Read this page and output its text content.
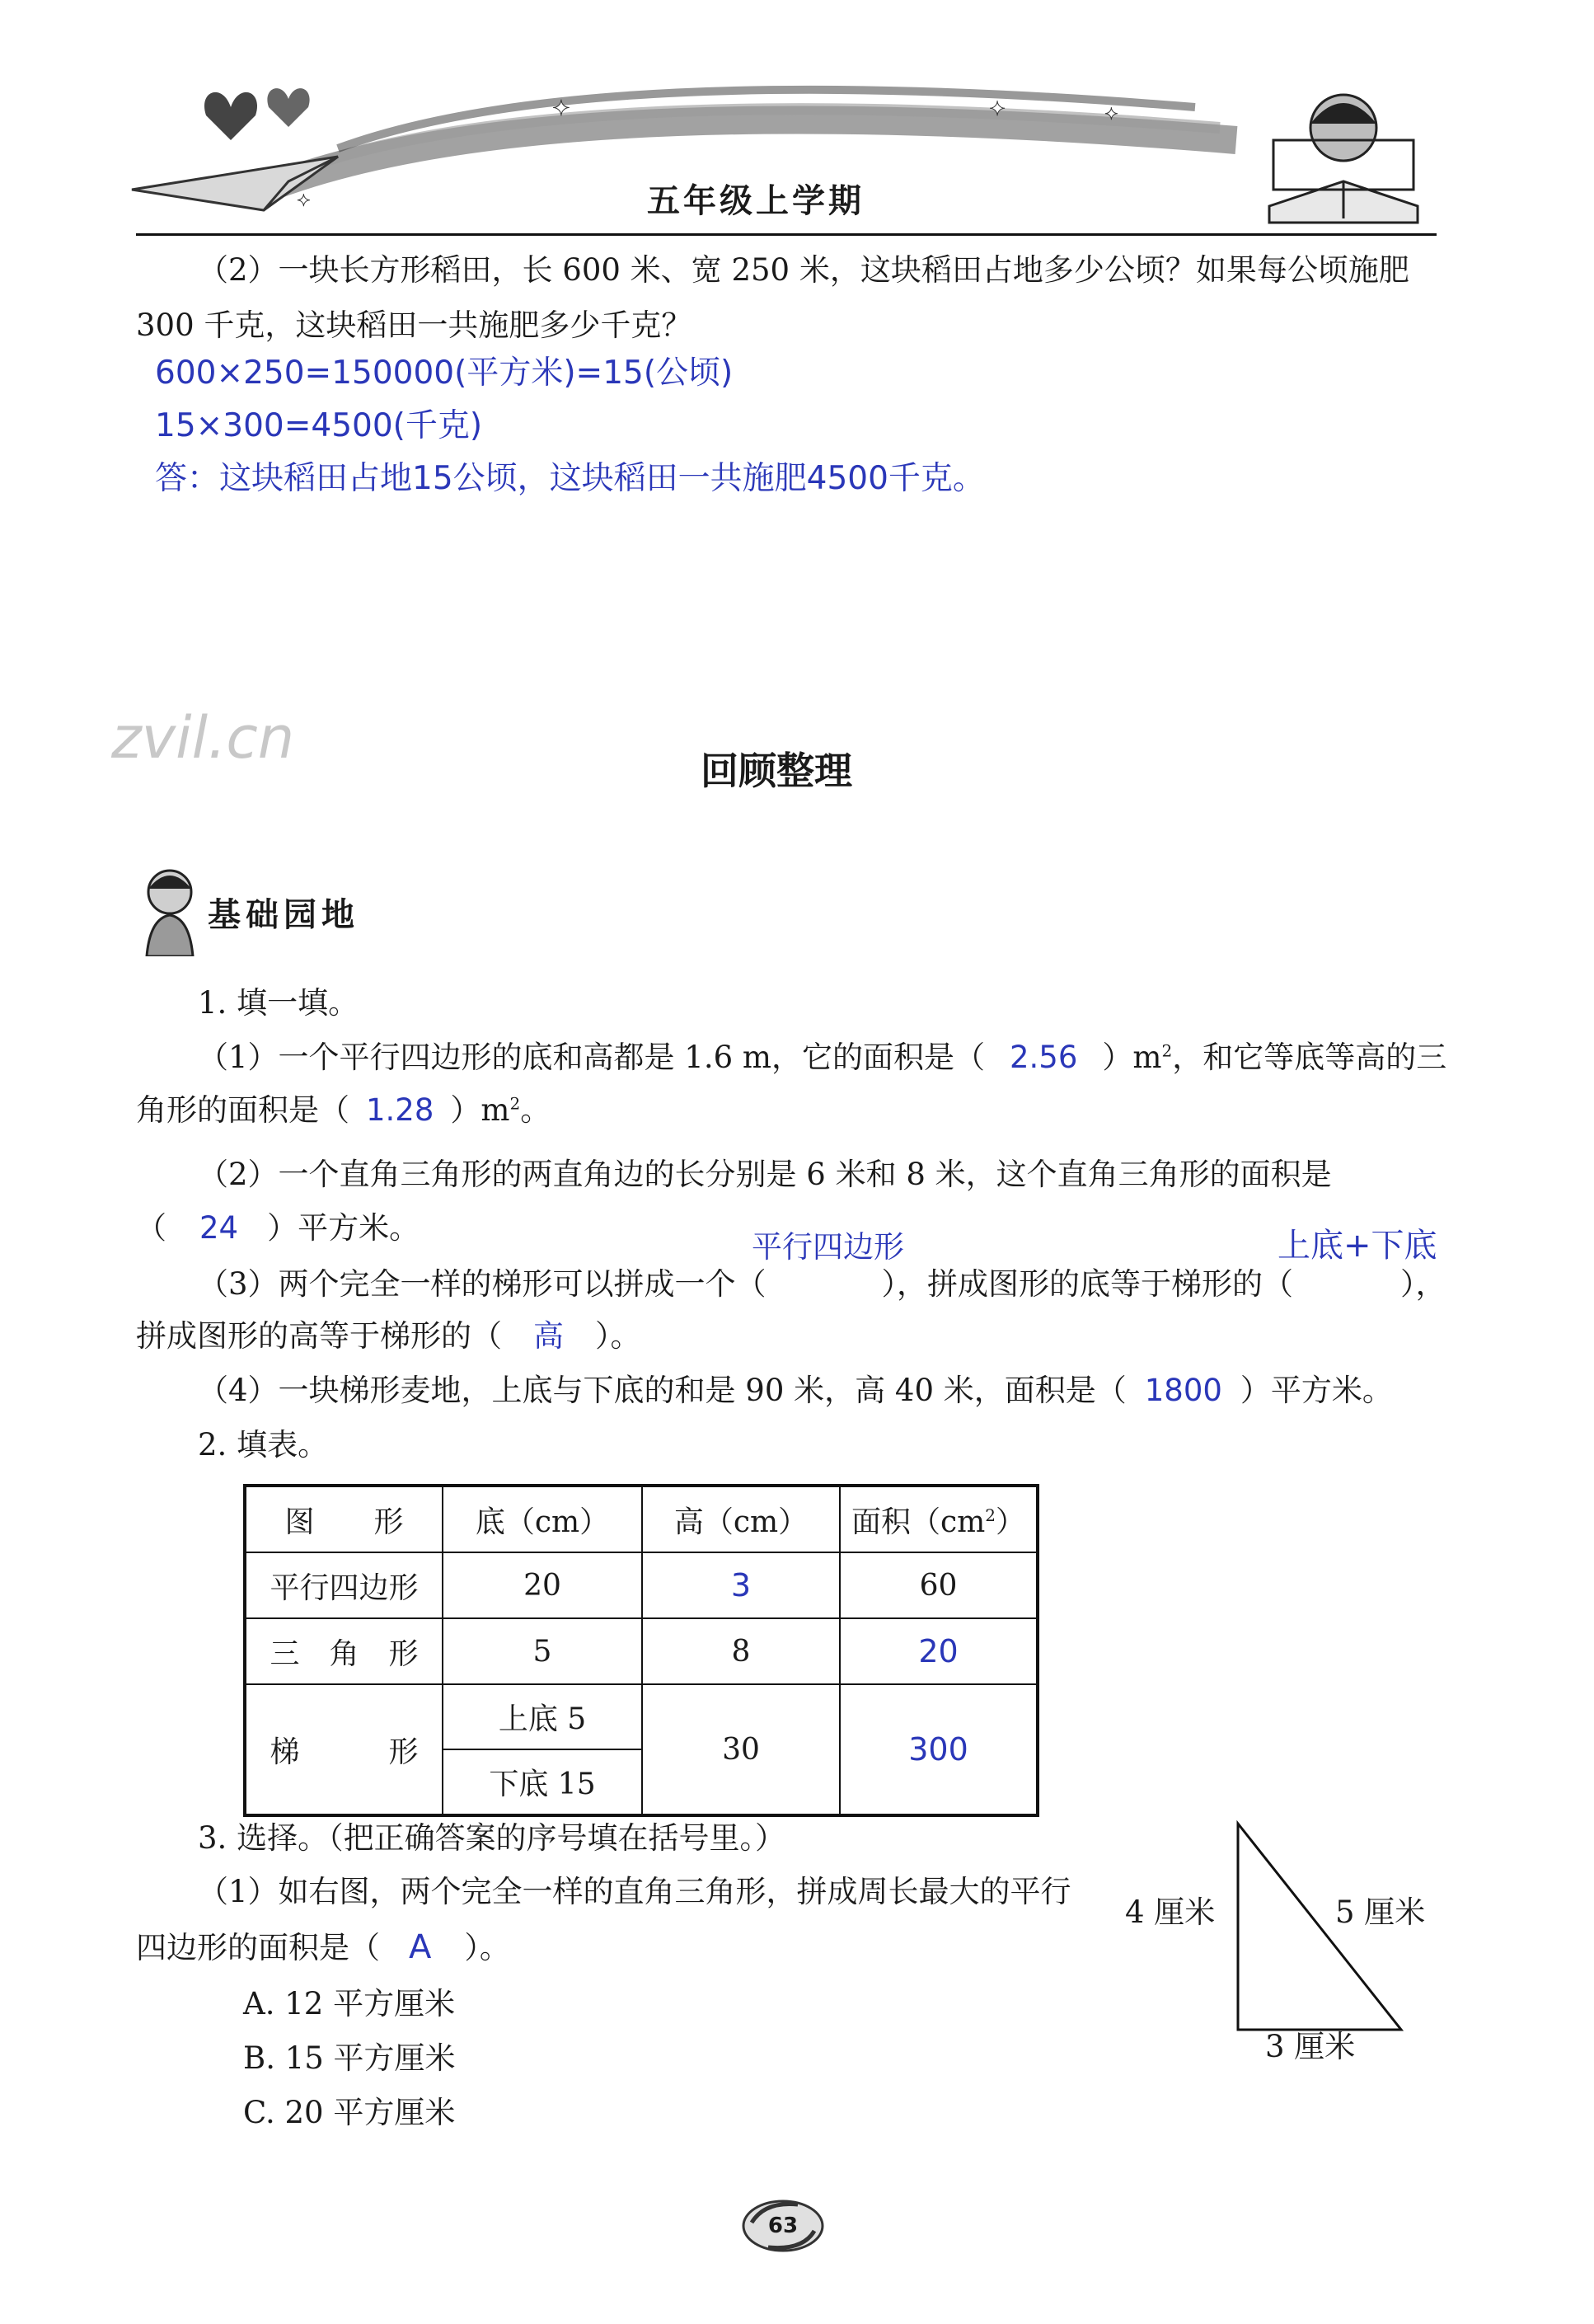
✦	✦	✦
✦	五年级上学期
（2）一块长方形稻田，长 600 米、宽 250 米，这块稻田占地多少公顷？如果每公顷施肥
300 千克，这块稻田一共施肥多少千克？
600×250=150000(平方米)=15(公顷)
15×300=4500(千克)
答：这块稻田占地15公顷，这块稻田一共施肥4500千克。
zvil.cn	回顾整理
基础园地
1. 填一填。
（1）一个平行四边形的底和高都是 1.6 m，它的面积是（ 2.56 ）$m^2$，和它等底等高的三
角形的面积是（ 1.28 ）$m^2$。
（2）一个直角三角形的两直角边的长分别是 6 米和 8 米，这个直角三角形的面积是
（ 24 ）平方米。
平行四边形	上底+下底
（3）两个完全一样的梯形可以拼成一个（	），拼成图形的底等于梯形的（	），
拼成图形的高等于梯形的（ 高 ）。
（4）一块梯形麦地，上底与下底的和是 90 米，高 40 米，面积是（ 1800 ）平方米。
2. 填表。
图　　形	底（cm）	高（cm）	面积$(cm^2)$
平行四边形	20	3	60
三　角　形	5	8	20
梯　　　形	上底 5	30	300
	下底 15		
3. 选择。（把正确答案的序号填在括号里。）
（1）如右图，两个完全一样的直角三角形，拼成周长最大的平行
四边形的面积是（ A ）。
A. 12 平方厘米
B. 15 平方厘米
C. 20 平方厘米
4 厘米	5 厘米
3 厘米
63
